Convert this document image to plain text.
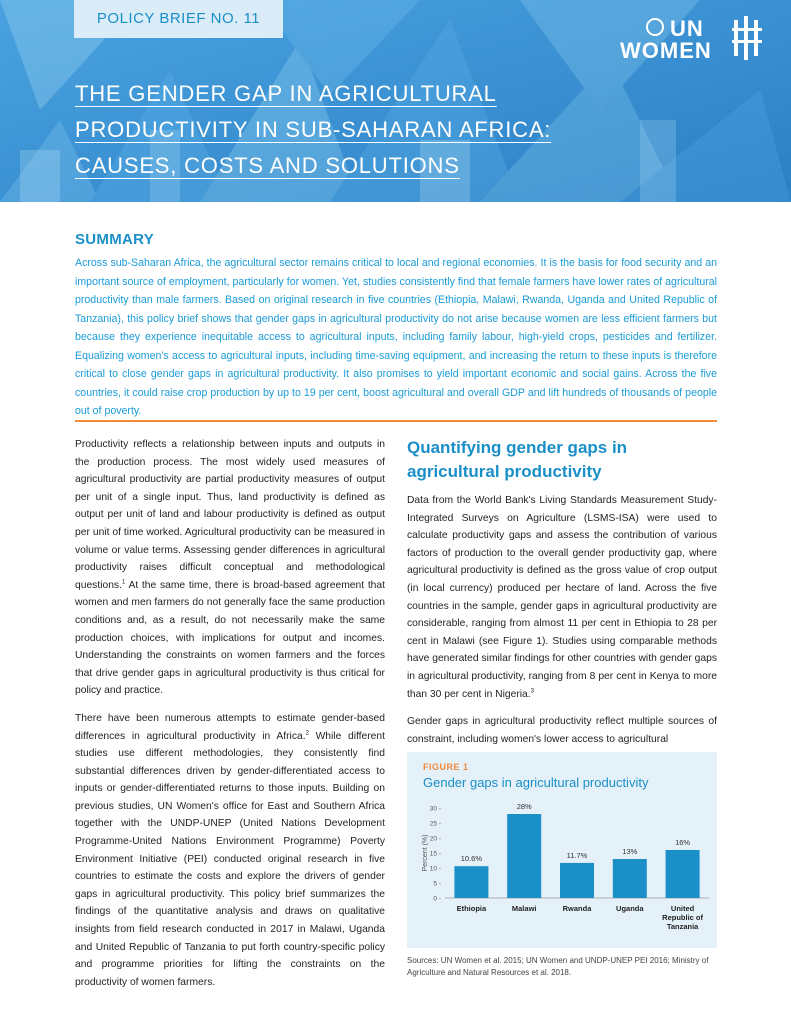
POLICY BRIEF NO. 11	UN
WOMEN
THE GENDER GAP IN AGRICULTURAL
PRODUCTIVITY IN SUB-SAHARAN AFRICA:
CAUSES, COSTS AND SOLUTIONS
SUMMARY
Across sub-Saharan Africa, the agricultural sector remains critical to local and regional economies. It is the basis for food security and an important source of employment, particularly for women. Yet, studies consistently find that female farmers have lower rates of agricultural productivity than male farmers. Based on original research in five countries (Ethiopia, Malawi, Rwanda, Uganda and United Republic of Tanzania), this policy brief shows that gender gaps in agricultural productivity do not arise because women are less efficient farmers but because they experience inequitable access to agricultural inputs, including family labour, high-yield crops, pesticides and fertilizer. Equalizing women's access to agricultural inputs, including time-saving equipment, and increasing the return to these inputs is therefore critical to close gender gaps in agricultural productivity. It also promises to yield important economic and social gains. Across the five countries, it could raise crop production by up to 19 per cent, boost agricultural and overall GDP and lift hundreds of thousands of people out of poverty.

Productivity reflects a relationship between inputs and outputs in the production process. The most widely used measures of agricultural productivity are partial productivity measures of output per unit of a single input. Thus, land productivity is defined as output per unit of land and labour productivity is defined as output per unit of time worked. Agricultural productivity can be measured in volume or value terms. Assessing gender differences in agricultural productivity raises difficult conceptual and methodological questions.$^1$ At the same time, there is broad-based agreement that women and men farmers do not generally face the same production conditions and, as a result, do not necessarily make the same production choices, with implications for output and incomes. Understanding the constraints on women farmers and the forces that drive gender gaps in agricultural productivity is thus critical for policy and practice.

There have been numerous attempts to estimate gender-based differences in agricultural productivity in Africa.$^2$ While different studies use different methodologies, they consistently find substantial differences driven by gender-differentiated access to inputs or gender-differentiated returns to those inputs. Building on previous studies, UN Women's office for East and Southern Africa together with the UNDP-UNEP (United Nations Development Programme-United Nations Environment Programme) Poverty Environment Initiative (PEI) conducted original research in five countries to estimate the costs and explore the drivers of gender gaps in agricultural productivity. This policy brief summarizes the findings of the quantitative analysis and draws on qualitative insights from field research conducted in 2017 in Malawi, Uganda and United Republic of Tanzania to put forth country-specific policy and programme priorities for lifting the constraints on the productivity of women farmers.

Quantifying gender gaps in agricultural productivity

Data from the World Bank's Living Standards Measurement Study-Integrated Surveys on Agriculture (LSMS-ISA) were used to calculate productivity gaps and assess the contribution of various factors of production to the overall gender productivity gap, where agricultural productivity is defined as the gross value of crop output (in local currency) produced per hectare of land. Across the five countries in the sample, gender gaps in agricultural productivity are considerable, ranging from almost 11 per cent in Ethiopia to 28 per cent in Malawi (see Figure 1). Studies using comparable methods have generated similar findings for other countries with gender gaps in agricultural productivity, ranging from 8 per cent in Kenya to more than 30 per cent in Nigeria.$^3$

Gender gaps in agricultural productivity reflect multiple sources of constraint, including women's lower access to agricultural

FIGURE 1
Gender gaps in agricultural productivity
Percent (%)
0 -
5 -
10 -
15 -
20 -
25 -
30 -
10.6%
Ethiopia
28%
Malawi
11.7%
Rwanda
13%
Uganda
16%
United Republic of Tanzania
Sources: UN Women et al. 2015; UN Women and UNDP-UNEP PEI 2016; Ministry of Agriculture and Natural Resources et al. 2018.
